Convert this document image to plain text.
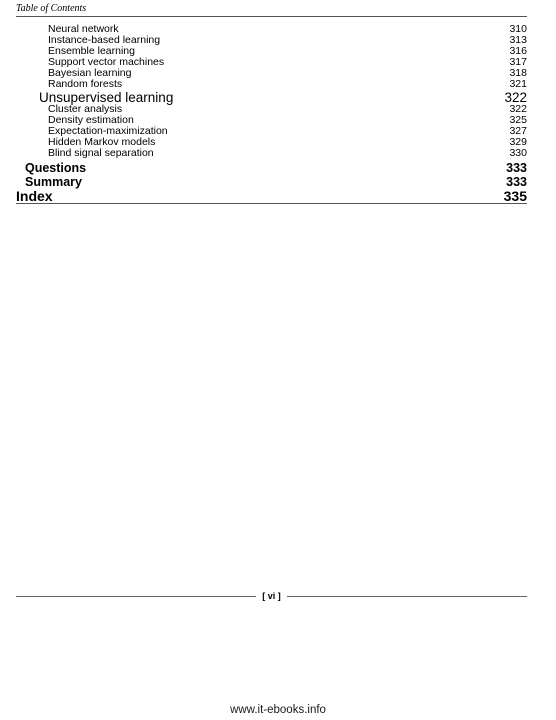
Table of Contents
Neural network	310
Instance-based learning	313
Ensemble learning	316
Support vector machines	317
Bayesian learning	318
Random forests	321
Unsupervised learning	322
Cluster analysis	322
Density estimation	325
Expectation-maximization	327
Hidden Markov models	329
Blind signal separation	330
Questions	333
Summary	333
Index	335
[ vi ]
www.it-ebooks.info
